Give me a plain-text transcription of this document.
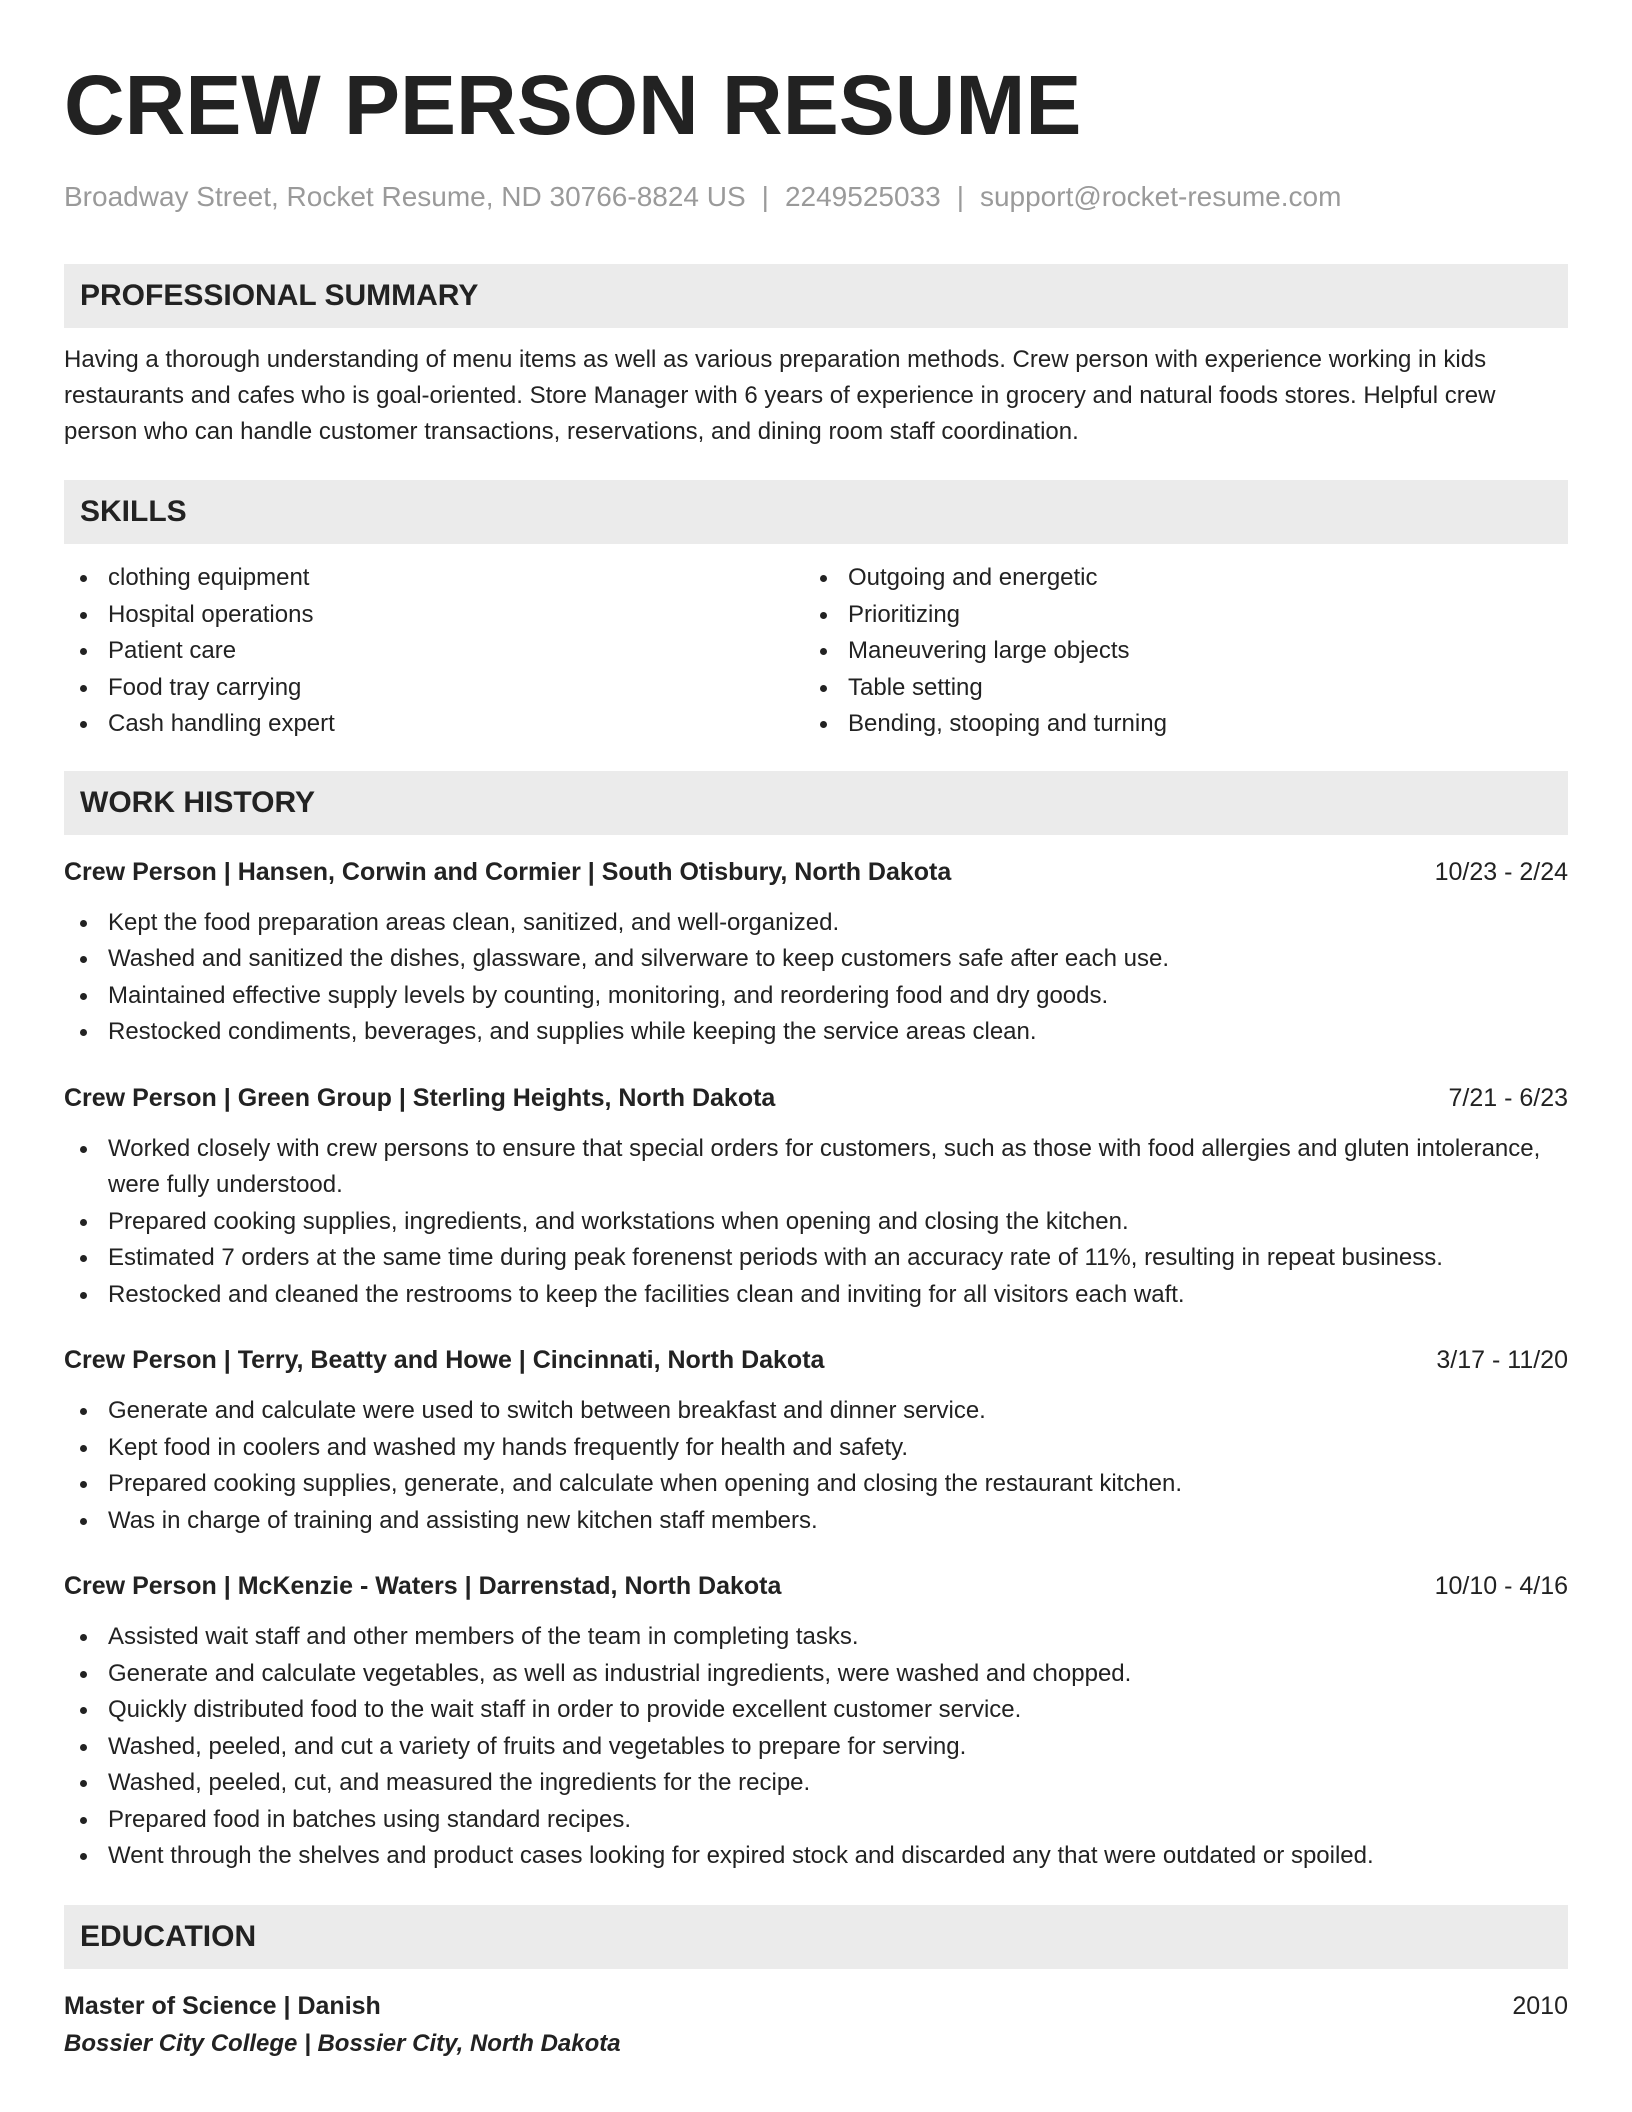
CREW PERSON RESUME
Broadway Street, Rocket Resume, ND 30766-8824 US | 2249525033 | support@rocket-resume.com
PROFESSIONAL SUMMARY
Having a thorough understanding of menu items as well as various preparation methods. Crew person with experience working in kids restaurants and cafes who is goal-oriented. Store Manager with 6 years of experience in grocery and natural foods stores. Helpful crew person who can handle customer transactions, reservations, and dining room staff coordination.
SKILLS
clothing equipment
Hospital operations
Patient care
Food tray carrying
Cash handling expert
Outgoing and energetic
Prioritizing
Maneuvering large objects
Table setting
Bending, stooping and turning
WORK HISTORY
Crew Person | Hansen, Corwin and Cormier | South Otisbury, North Dakota	10/23 - 2/24
Kept the food preparation areas clean, sanitized, and well-organized.
Washed and sanitized the dishes, glassware, and silverware to keep customers safe after each use.
Maintained effective supply levels by counting, monitoring, and reordering food and dry goods.
Restocked condiments, beverages, and supplies while keeping the service areas clean.
Crew Person | Green Group | Sterling Heights, North Dakota	7/21 - 6/23
Worked closely with crew persons to ensure that special orders for customers, such as those with food allergies and gluten intolerance, were fully understood.
Prepared cooking supplies, ingredients, and workstations when opening and closing the kitchen.
Estimated 7 orders at the same time during peak forenenst periods with an accuracy rate of 11%, resulting in repeat business.
Restocked and cleaned the restrooms to keep the facilities clean and inviting for all visitors each waft.
Crew Person | Terry, Beatty and Howe | Cincinnati, North Dakota	3/17 - 11/20
Generate and calculate were used to switch between breakfast and dinner service.
Kept food in coolers and washed my hands frequently for health and safety.
Prepared cooking supplies, generate, and calculate when opening and closing the restaurant kitchen.
Was in charge of training and assisting new kitchen staff members.
Crew Person | McKenzie - Waters | Darrenstad, North Dakota	10/10 - 4/16
Assisted wait staff and other members of the team in completing tasks.
Generate and calculate vegetables, as well as industrial ingredients, were washed and chopped.
Quickly distributed food to the wait staff in order to provide excellent customer service.
Washed, peeled, and cut a variety of fruits and vegetables to prepare for serving.
Washed, peeled, cut, and measured the ingredients for the recipe.
Prepared food in batches using standard recipes.
Went through the shelves and product cases looking for expired stock and discarded any that were outdated or spoiled.
EDUCATION
Master of Science | Danish	2010
Bossier City College | Bossier City, North Dakota
